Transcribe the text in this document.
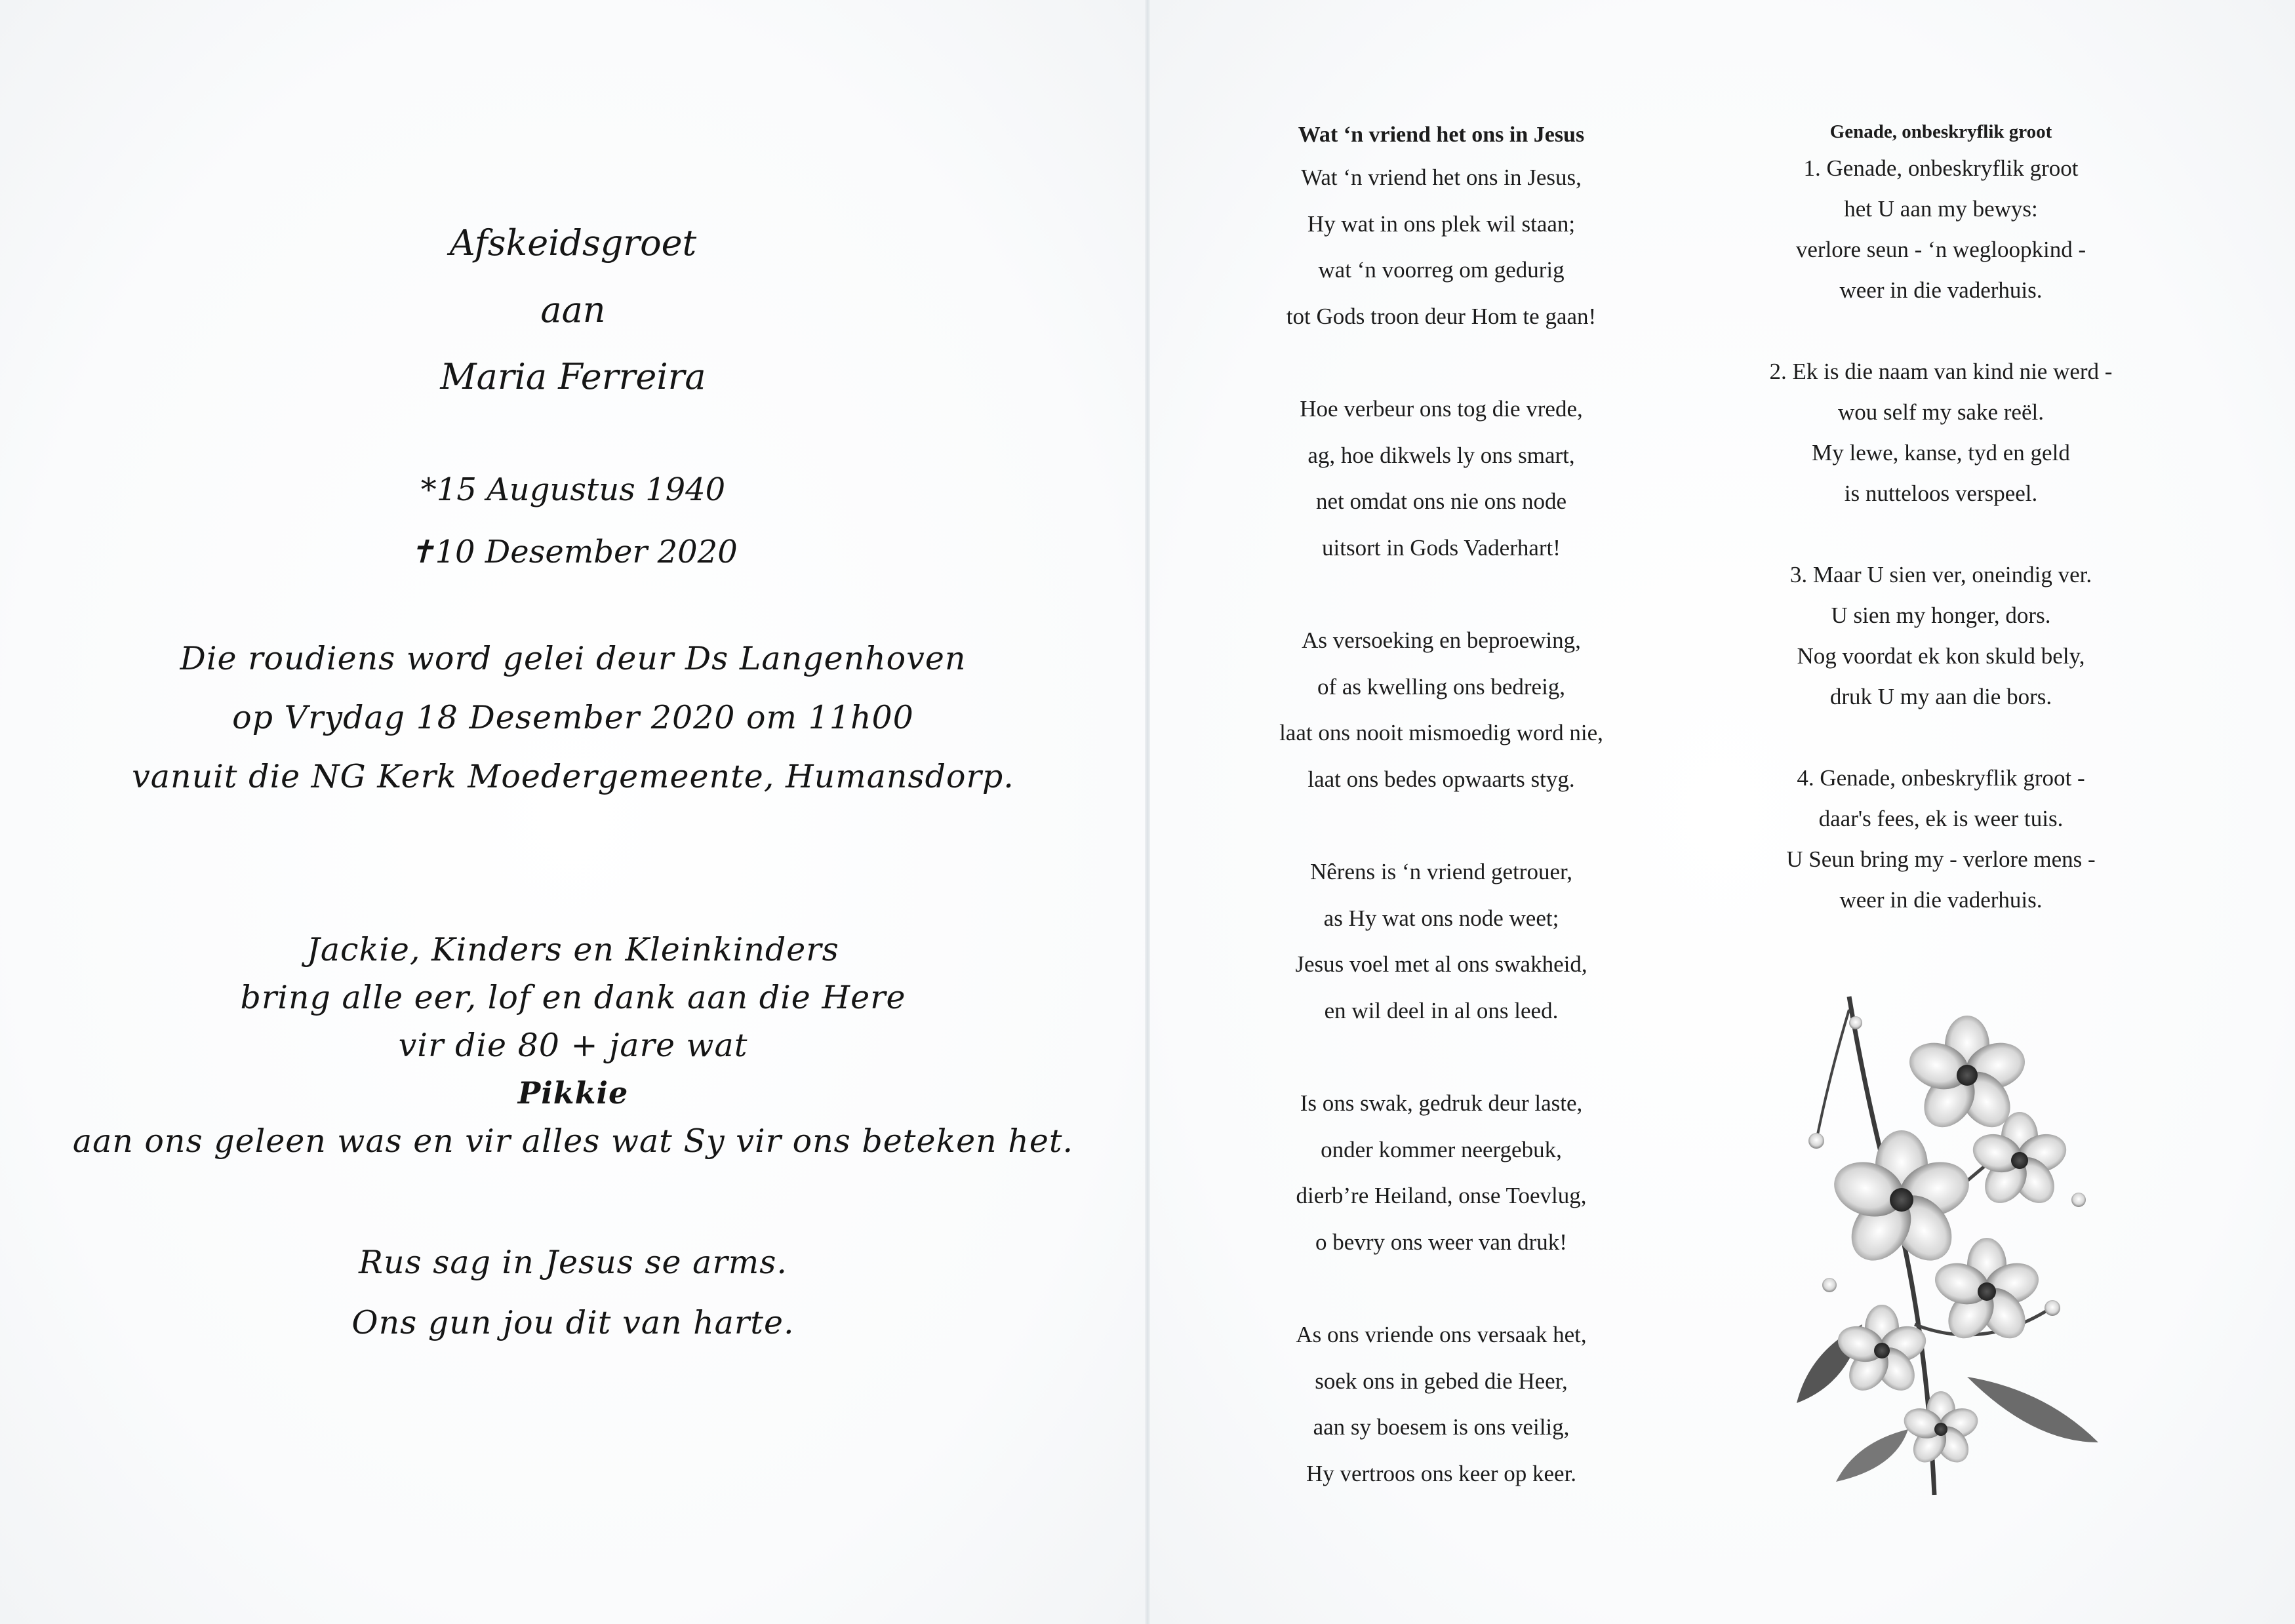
Afskeidsgroet
aan
Maria Ferreira
*15 Augustus 1940
✝10 Desember 2020
Die roudiens word gelei deur Ds Langenhoven
op Vrydag 18 Desember 2020 om 11h00
vanuit die NG Kerk Moedergemeente, Humansdorp.
Jackie, Kinders en Kleinkinders
bring alle eer, lof en dank aan die Here
vir die 80 + jare wat
Pikkie
aan ons geleen was en vir alles wat Sy vir ons beteken het.
Rus sag in Jesus se arms.
Ons gun jou dit van harte.
Wat ‘n vriend het ons in Jesus
Wat ‘n vriend het ons in Jesus,
Hy wat in ons plek wil staan;
wat ‘n voorreg om gedurig
tot Gods troon deur Hom te gaan!
Hoe verbeur ons tog die vrede,
ag, hoe dikwels ly ons smart,
net omdat ons nie ons node
uitsort in Gods Vaderhart!
As versoeking en beproewing,
of as kwelling ons bedreig,
laat ons nooit mismoedig word nie,
laat ons bedes opwaarts styg.
Nêrens is ‘n vriend getrouer,
as Hy wat ons node weet;
Jesus voel met al ons swakheid,
en wil deel in al ons leed.
Is ons swak, gedruk deur laste,
onder kommer neergebuk,
dierb’re Heiland, onse Toevlug,
o bevry ons weer van druk!
As ons vriende ons versaak het,
soek ons in gebed die Heer,
aan sy boesem is ons veilig,
Hy vertroos ons keer op keer.
Genade, onbeskryflik groot
1. Genade, onbeskryflik groot
het U aan my bewys:
verlore seun - ‘n wegloopkind -
weer in die vaderhuis.
2. Ek is die naam van kind nie werd -
wou self my sake reël.
My lewe, kanse, tyd en geld
is nutteloos verspeel.
3. Maar U sien ver, oneindig ver.
U sien my honger, dors.
Nog voordat ek kon skuld bely,
druk U my aan die bors.
4. Genade, onbeskryflik groot -
daar's fees, ek is weer tuis.
U Seun bring my - verlore mens -
weer in die vaderhuis.
